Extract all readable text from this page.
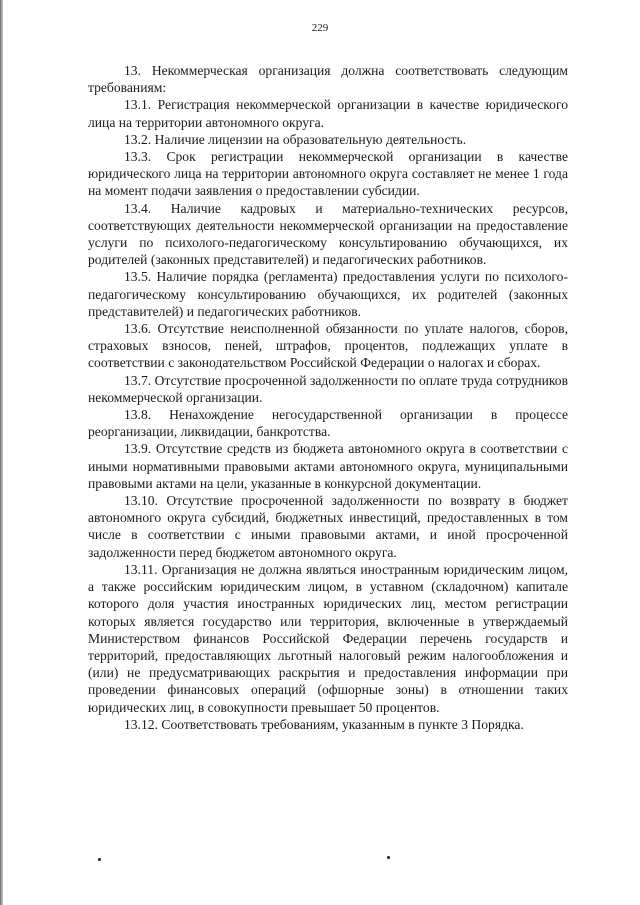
229

13. Некоммерческая организация должна соответствовать следующим требованиям:

13.1. Регистрация некоммерческой организации в качестве юридического лица на территории автономного округа.

13.2. Наличие лицензии на образовательную деятельность.

13.3. Срок регистрации некоммерческой организации в качестве юридического лица на территории автономного округа составляет не менее 1 года на момент подачи заявления о предоставлении субсидии.

13.4. Наличие кадровых и материально-технических ресурсов, соответствующих деятельности некоммерческой организации на предоставление услуги по психолого-педагогическому консультированию обучающихся, их родителей (законных представителей) и педагогических работников.

13.5. Наличие порядка (регламента) предоставления услуги по психолого-педагогическому консультированию обучающихся, их родителей (законных представителей) и педагогических работников.

13.6. Отсутствие неисполненной обязанности по уплате налогов, сборов, страховых взносов, пеней, штрафов, процентов, подлежащих уплате в соответствии с законодательством Российской Федерации о налогах и сборах.

13.7. Отсутствие просроченной задолженности по оплате труда сотрудников некоммерческой организации.

13.8. Ненахождение негосударственной организации в процессе реорганизации, ликвидации, банкротства.

13.9. Отсутствие средств из бюджета автономного округа в соответствии с иными нормативными правовыми актами автономного округа, муниципальными правовыми актами на цели, указанные в конкурсной документации.

13.10. Отсутствие просроченной задолженности по возврату в бюджет автономного округа субсидий, бюджетных инвестиций, предоставленных в том числе в соответствии с иными правовыми актами, и иной просроченной задолженности перед бюджетом автономного округа.

13.11. Организация не должна являться иностранным юридическим лицом, а также российским юридическим лицом, в уставном (складочном) капитале которого доля участия иностранных юридических лиц, местом регистрации которых является государство или территория, включенные в утверждаемый Министерством финансов Российской Федерации перечень государств и территорий, предоставляющих льготный налоговый режим налогообложения и (или) не предусматривающих раскрытия и предоставления информации при проведении финансовых операций (офшорные зоны) в отношении таких юридических лиц, в совокупности превышает 50 процентов.

13.12. Соответствовать требованиям, указанным в пункте 3 Порядка.
